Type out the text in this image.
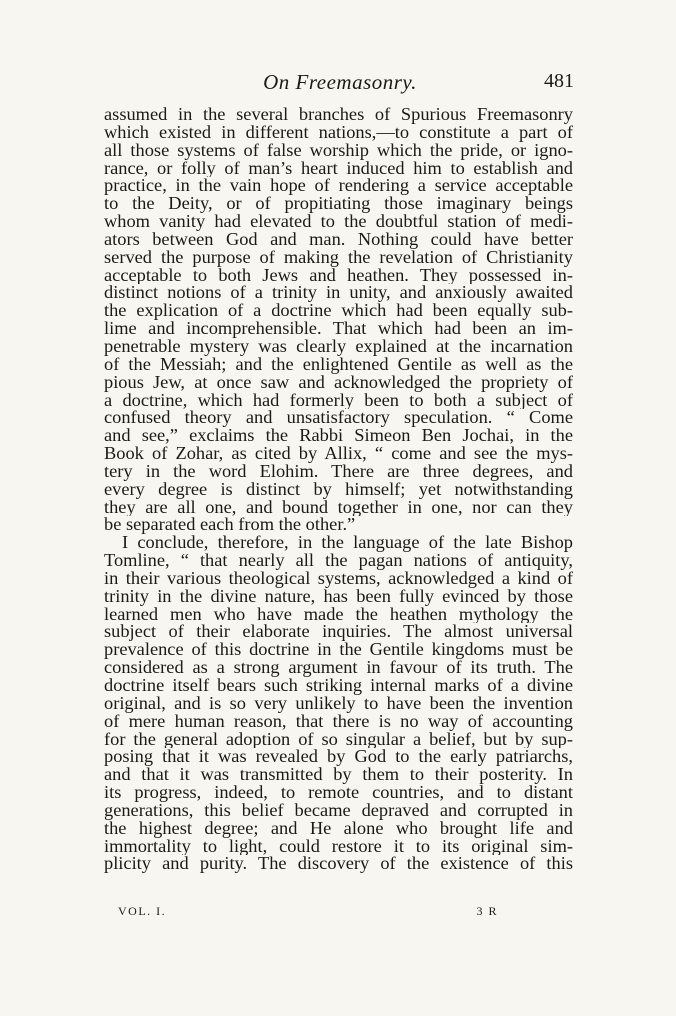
On Freemasonry.	481
assumed in the several branches of Spurious Freemasonry
which existed in different nations,—to constitute a part of
all those systems of false worship which the pride, or igno-
rance, or folly of man’s heart induced him to establish and
practice, in the vain hope of rendering a service acceptable
to the Deity, or of propitiating those imaginary beings
whom vanity had elevated to the doubtful station of medi-
ators between God and man. Nothing could have better
served the purpose of making the revelation of Christianity
acceptable to both Jews and heathen. They possessed in-
distinct notions of a trinity in unity, and anxiously awaited
the explication of a doctrine which had been equally sub-
lime and incomprehensible. That which had been an im-
penetrable mystery was clearly explained at the incarnation
of the Messiah; and the enlightened Gentile as well as the
pious Jew, at once saw and acknowledged the propriety of
a doctrine, which had formerly been to both a subject of
confused theory and unsatisfactory speculation. “ Come
and see,” exclaims the Rabbi Simeon Ben Jochai, in the
Book of Zohar, as cited by Allix, “ come and see the mys-
tery in the word Elohim. There are three degrees, and
every degree is distinct by himself; yet notwithstanding
they are all one, and bound together in one, nor can they
be separated each from the other.”
I conclude, therefore, in the language of the late Bishop
Tomline, “ that nearly all the pagan nations of antiquity,
in their various theological systems, acknowledged a kind of
trinity in the divine nature, has been fully evinced by those
learned men who have made the heathen mythology the
subject of their elaborate inquiries. The almost universal
prevalence of this doctrine in the Gentile kingdoms must be
considered as a strong argument in favour of its truth. The
doctrine itself bears such striking internal marks of a divine
original, and is so very unlikely to have been the invention
of mere human reason, that there is no way of accounting
for the general adoption of so singular a belief, but by sup-
posing that it was revealed by God to the early patriarchs,
and that it was transmitted by them to their posterity. In
its progress, indeed, to remote countries, and to distant
generations, this belief became depraved and corrupted in
the highest degree; and He alone who brought life and
immortality to light, could restore it to its original sim-
plicity and purity. The discovery of the existence of this
VOL. I.	3 R
